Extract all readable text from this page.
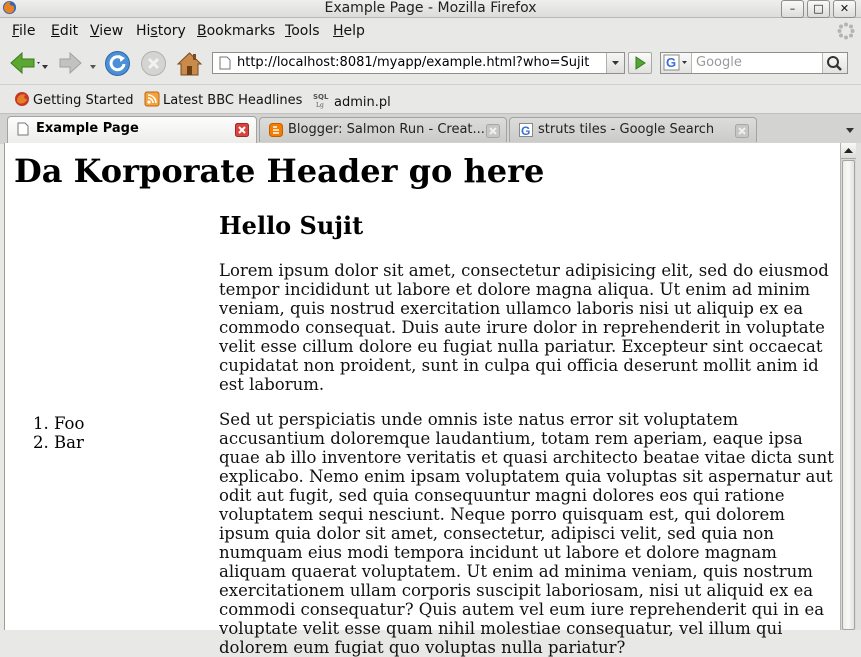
Example Page - Mozilla Firefox	–	□	✕
File Edit View History Bookmarks Tools Help
http://localhost:8081/myapp/example.html?who=Sujit	G Google
Getting Started	Latest BBC Headlines SQL
Lg admin.pl
Example Page	Blogger: Salmon Run - Creat...	G struts tiles - Google Search
Da Korporate Header go here
1. Foo
2. Bar
Hello Sujit

Lorem ipsum dolor sit amet, consectetur adipisicing elit, sed do eiusmod tempor incididunt ut labore et dolore magna aliqua. Ut enim ad minim veniam, quis nostrud exercitation ullamco laboris nisi ut aliquip ex ea commodo consequat. Duis aute irure dolor in reprehenderit in voluptate velit esse cillum dolore eu fugiat nulla pariatur. Excepteur sint occaecat cupidatat non proident, sunt in culpa qui officia deserunt mollit anim id est laborum.

Sed ut perspiciatis unde omnis iste natus error sit voluptatem accusantium doloremque laudantium, totam rem aperiam, eaque ipsa quae ab illo inventore veritatis et quasi architecto beatae vitae dicta sunt explicabo. Nemo enim ipsam voluptatem quia voluptas sit aspernatur aut odit aut fugit, sed quia consequuntur magni dolores eos qui ratione voluptatem sequi nesciunt. Neque porro quisquam est, qui dolorem ipsum quia dolor sit amet, consectetur, adipisci velit, sed quia non numquam eius modi tempora incidunt ut labore et dolore magnam aliquam quaerat voluptatem. Ut enim ad minima veniam, quis nostrum exercitationem ullam corporis suscipit laboriosam, nisi ut aliquid ex ea commodi consequatur? Quis autem vel eum iure reprehenderit qui in ea voluptate velit esse quam nihil molestiae consequatur, vel illum qui dolorem eum fugiat quo voluptas nulla pariatur?
